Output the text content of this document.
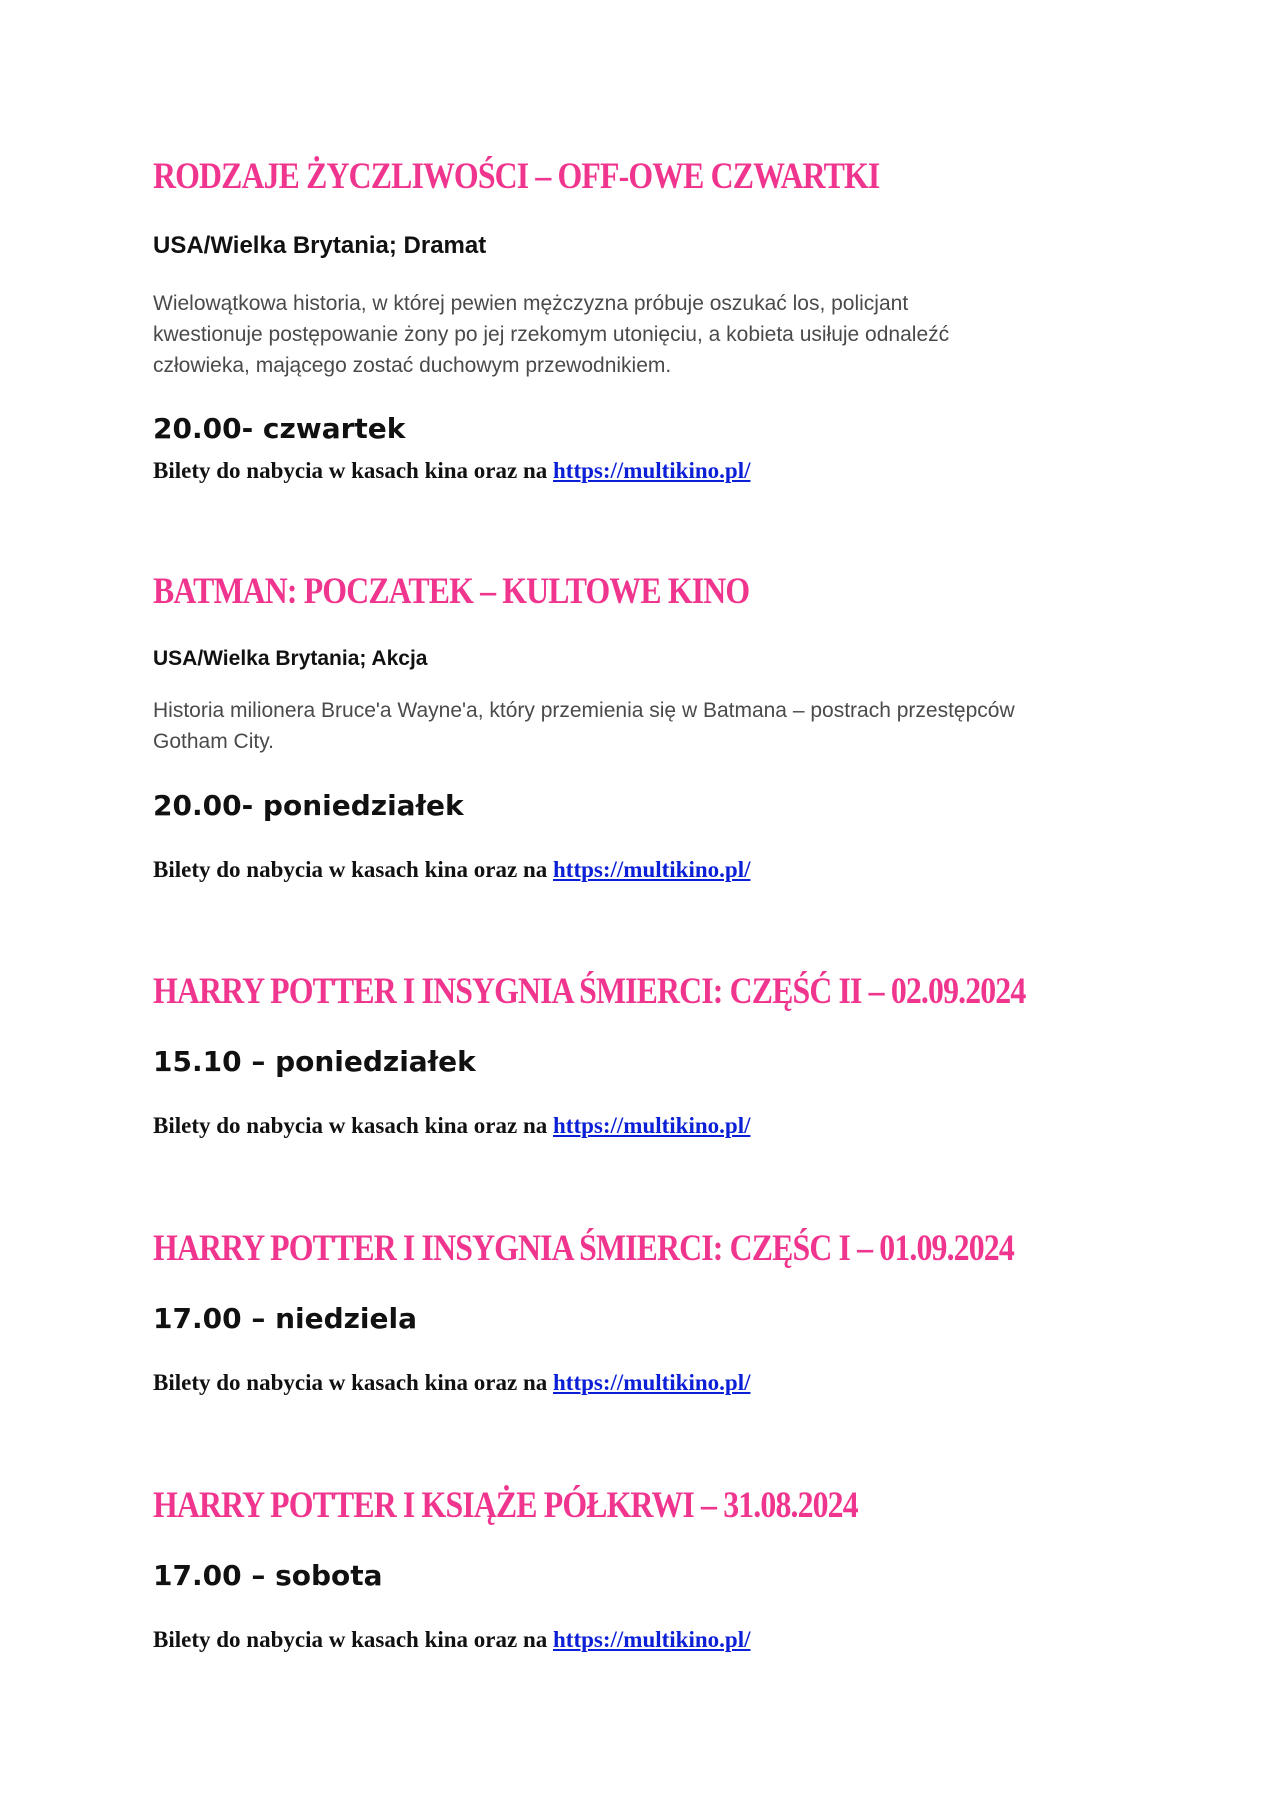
RODZAJE ŻYCZLIWOŚCI – OFF-OWE CZWARTKI

USA/Wielka Brytania; Dramat

Wielowątkowa historia, w której pewien mężczyzna próbuje oszukać los, policjant

kwestionuje postępowanie żony po jej rzekomym utonięciu, a kobieta usiłuje odnaleźć

człowieka, mającego zostać duchowym przewodnikiem.

20.00- czwartek

Bilety do nabycia w kasach kina oraz na https://multikino.pl/

BATMAN: POCZATEK – KULTOWE KINO

USA/Wielka Brytania; Akcja

Historia milionera Bruce'a Wayne'a, który przemienia się w Batmana – postrach przestępców

Gotham City.

20.00- poniedziałek

Bilety do nabycia w kasach kina oraz na https://multikino.pl/

HARRY POTTER I INSYGNIA ŚMIERCI: CZĘŚĆ II – 02.09.2024

15.10 – poniedziałek

Bilety do nabycia w kasach kina oraz na https://multikino.pl/

HARRY POTTER I INSYGNIA ŚMIERCI: CZĘŚC I – 01.09.2024

17.00 – niedziela

Bilety do nabycia w kasach kina oraz na https://multikino.pl/

HARRY POTTER I KSIĄŻE PÓŁKRWI – 31.08.2024

17.00 – sobota

Bilety do nabycia w kasach kina oraz na https://multikino.pl/
